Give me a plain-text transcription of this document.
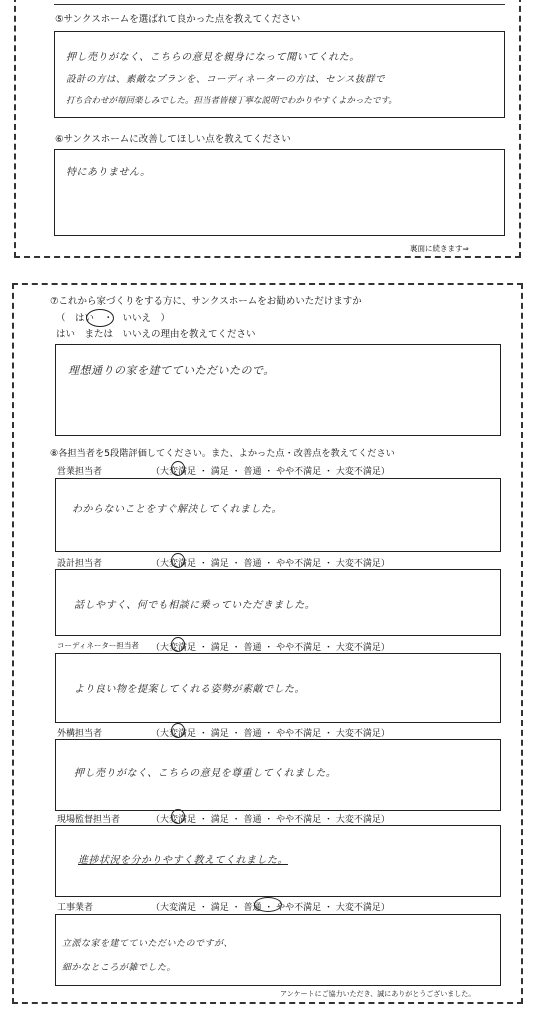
⑤サンクスホームを選ばれて良かった点を教えてください
押し売りがなく、こちらの意見を親身になって聞いてくれた。
設計の方は、素敵なプランを、コーディネーターの方は、センス抜群で
打ち合わせが毎回楽しみでした。担当者皆様丁寧な説明でわかりやすくよかったです。
⑥サンクスホームに改善してほしい点を教えてください
特にありません。
裏面に続きます⇒
⑦これから家づくりをする方に、サンクスホームをお勧めいただけますか
（　はい　・　いいえ　）
はい　または　いいえの理由を教えてください
理想通りの家を建てていただいたので。
⑧各担当者を5段階評価してください。また、よかった点・改善点を教えてください
営業担当者	（大変満足 ・ 満足 ・ 普通 ・ やや不満足 ・ 大変不満足）
わからないことをすぐ解決してくれました。
設計担当者	（大変満足 ・ 満足 ・ 普通 ・ やや不満足 ・ 大変不満足）
話しやすく、何でも相談に乗っていただきました。
コーディネーター担当者 （大変満足 ・ 満足 ・ 普通 ・ やや不満足 ・ 大変不満足）
より良い物を提案してくれる姿勢が素敵でした。
外構担当者	（大変満足 ・ 満足 ・ 普通 ・ やや不満足 ・ 大変不満足）
押し売りがなく、こちらの意見を尊重してくれました。
現場監督担当者	（大変満足 ・ 満足 ・ 普通 ・ やや不満足 ・ 大変不満足）
進捗状況を分かりやすく教えてくれました。
工事業者	（大変満足 ・ 満足 ・ 普通 ・ やや不満足 ・ 大変不満足）
立派な家を建てていただいたのですが、
細かなところが雑でした。
アンケートにご協力いただき、誠にありがとうございました。
